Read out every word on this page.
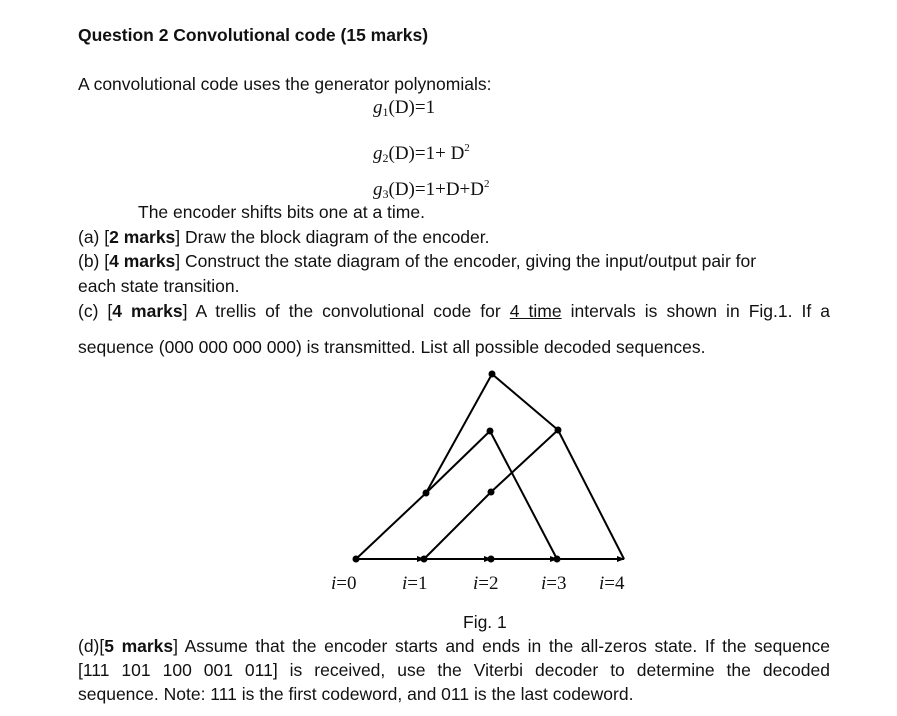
Question 2 Convolutional code (15 marks)
A convolutional code uses the generator polynomials:
$g_1(D)=1$
$g_2(D)=1+ D^2$
$g_3(D)=1+D+D^2$
The encoder shifts bits one at a time.
(a) [2 marks] Draw the block diagram of the encoder.
(b) [4 marks] Construct the state diagram of the encoder, giving the input/output pair for
each state transition.
(c) [4 marks] A trellis of the convolutional code for 4 time intervals is shown in Fig.1. If a
sequence (000 000 000 000) is transmitted. List all possible decoded sequences.
i=0 i=1 i=2 i=3 i=4
Fig. 1
(d)[5 marks] Assume that the encoder starts and ends in the all-zeros state. If the sequence
[111 101 100 001 011] is received, use the Viterbi decoder to determine the decoded
sequence. Note: 111 is the first codeword, and 011 is the last codeword.
